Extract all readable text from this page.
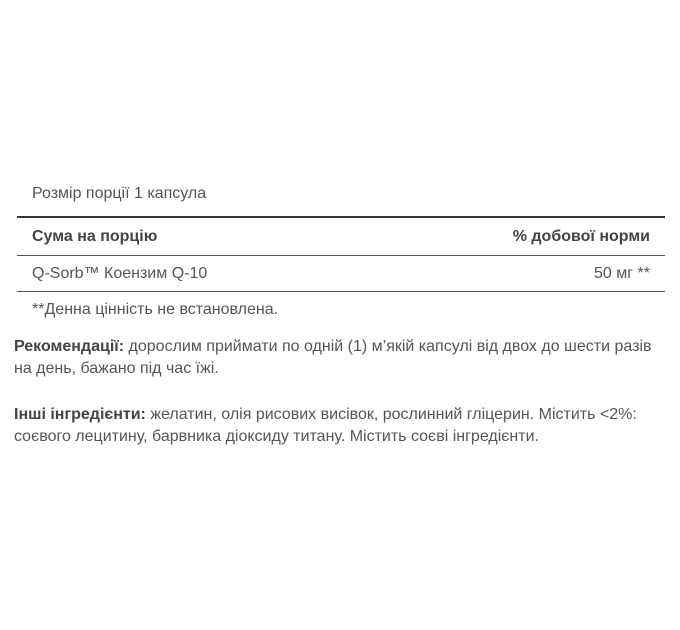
Розмір порції 1 капсула
Сума на порцію	% добової норми
Q-Sorb™ Коензим Q-10	50 мг **
**Денна цінність не встановлена.
Рекомендації: дорослим приймати по одній (1) м’якій капсулі від двох до шести разів на день, бажано під час їжі.
Інші інгредієнти: желатин, олія рисових висівок, рослинний гліцерин. Містить <2%: соєвого лецитину, барвника діоксиду титану. Містить соєві інгредієнти.
